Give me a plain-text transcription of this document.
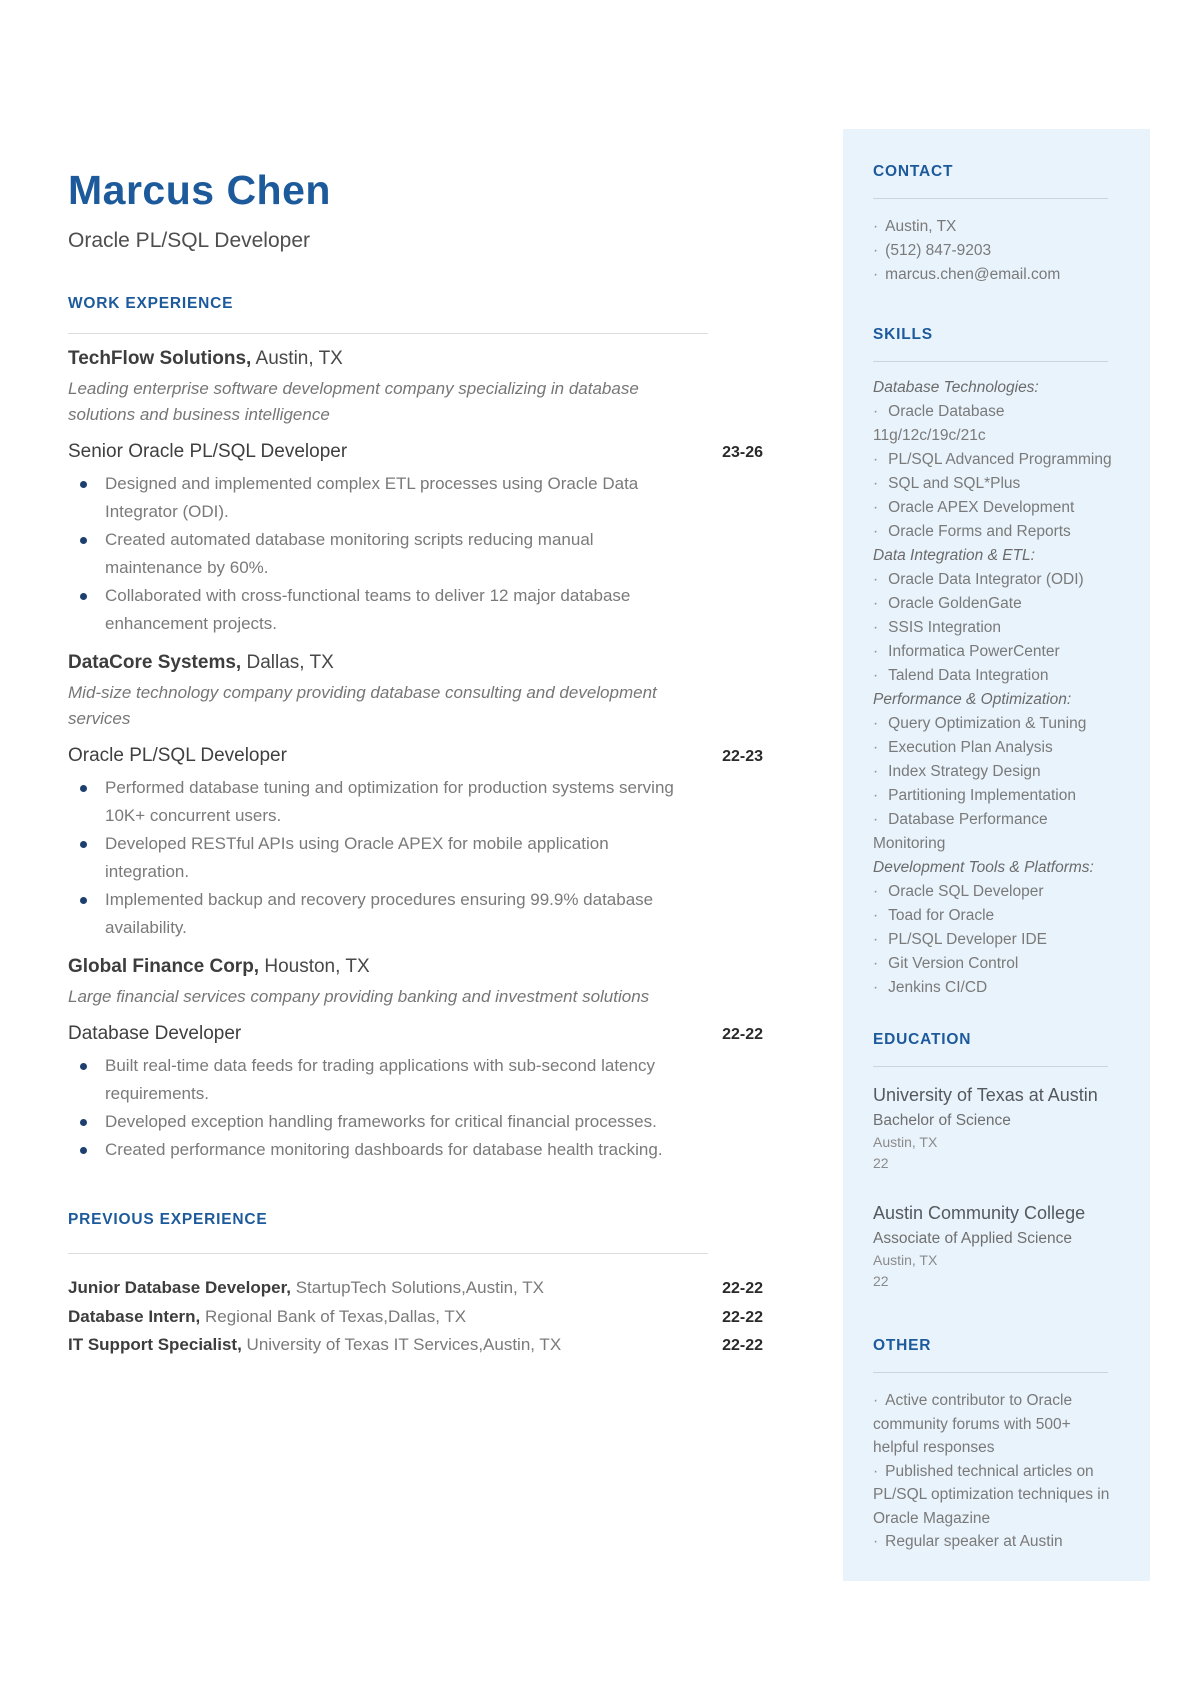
Marcus Chen
Oracle PL/SQL Developer
WORK EXPERIENCE
TechFlow Solutions, Austin, TX
Leading enterprise software development company specializing in database solutions and business intelligence
Senior Oracle PL/SQL Developer	23-26
Designed and implemented complex ETL processes using Oracle Data Integrator (ODI).
Created automated database monitoring scripts reducing manual maintenance by 60%.
Collaborated with cross-functional teams to deliver 12 major database enhancement projects.
DataCore Systems, Dallas, TX
Mid-size technology company providing database consulting and development services
Oracle PL/SQL Developer	22-23
Performed database tuning and optimization for production systems serving 10K+ concurrent users.
Developed RESTful APIs using Oracle APEX for mobile application integration.
Implemented backup and recovery procedures ensuring 99.9% database availability.
Global Finance Corp, Houston, TX
Large financial services company providing banking and investment solutions
Database Developer	22-22
Built real-time data feeds for trading applications with sub-second latency requirements.
Developed exception handling frameworks for critical financial processes.
Created performance monitoring dashboards for database health tracking.
PREVIOUS EXPERIENCE
Junior Database Developer, StartupTech Solutions,Austin, TX	22-22
Database Intern, Regional Bank of Texas,Dallas, TX	22-22
IT Support Specialist, University of Texas IT Services,Austin, TX	22-22
CONTACT
· Austin, TX
· (512) 847-9203
· marcus.chen@email.com
SKILLS
Database Technologies:
· Oracle Database 11g/12c/19c/21c
· PL/SQL Advanced Programming
· SQL and SQL*Plus
· Oracle APEX Development
· Oracle Forms and Reports
Data Integration & ETL:
· Oracle Data Integrator (ODI)
· Oracle GoldenGate
· SSIS Integration
· Informatica PowerCenter
· Talend Data Integration
Performance & Optimization:
· Query Optimization & Tuning
· Execution Plan Analysis
· Index Strategy Design
· Partitioning Implementation
· Database Performance Monitoring
Development Tools & Platforms:
· Oracle SQL Developer
· Toad for Oracle
· PL/SQL Developer IDE
· Git Version Control
· Jenkins CI/CD
EDUCATION
University of Texas at Austin
Bachelor of Science
Austin, TX
22
Austin Community College
Associate of Applied Science
Austin, TX
22
OTHER
· Active contributor to Oracle community forums with 500+ helpful responses
· Published technical articles on PL/SQL optimization techniques in Oracle Magazine
· Regular speaker at Austin
